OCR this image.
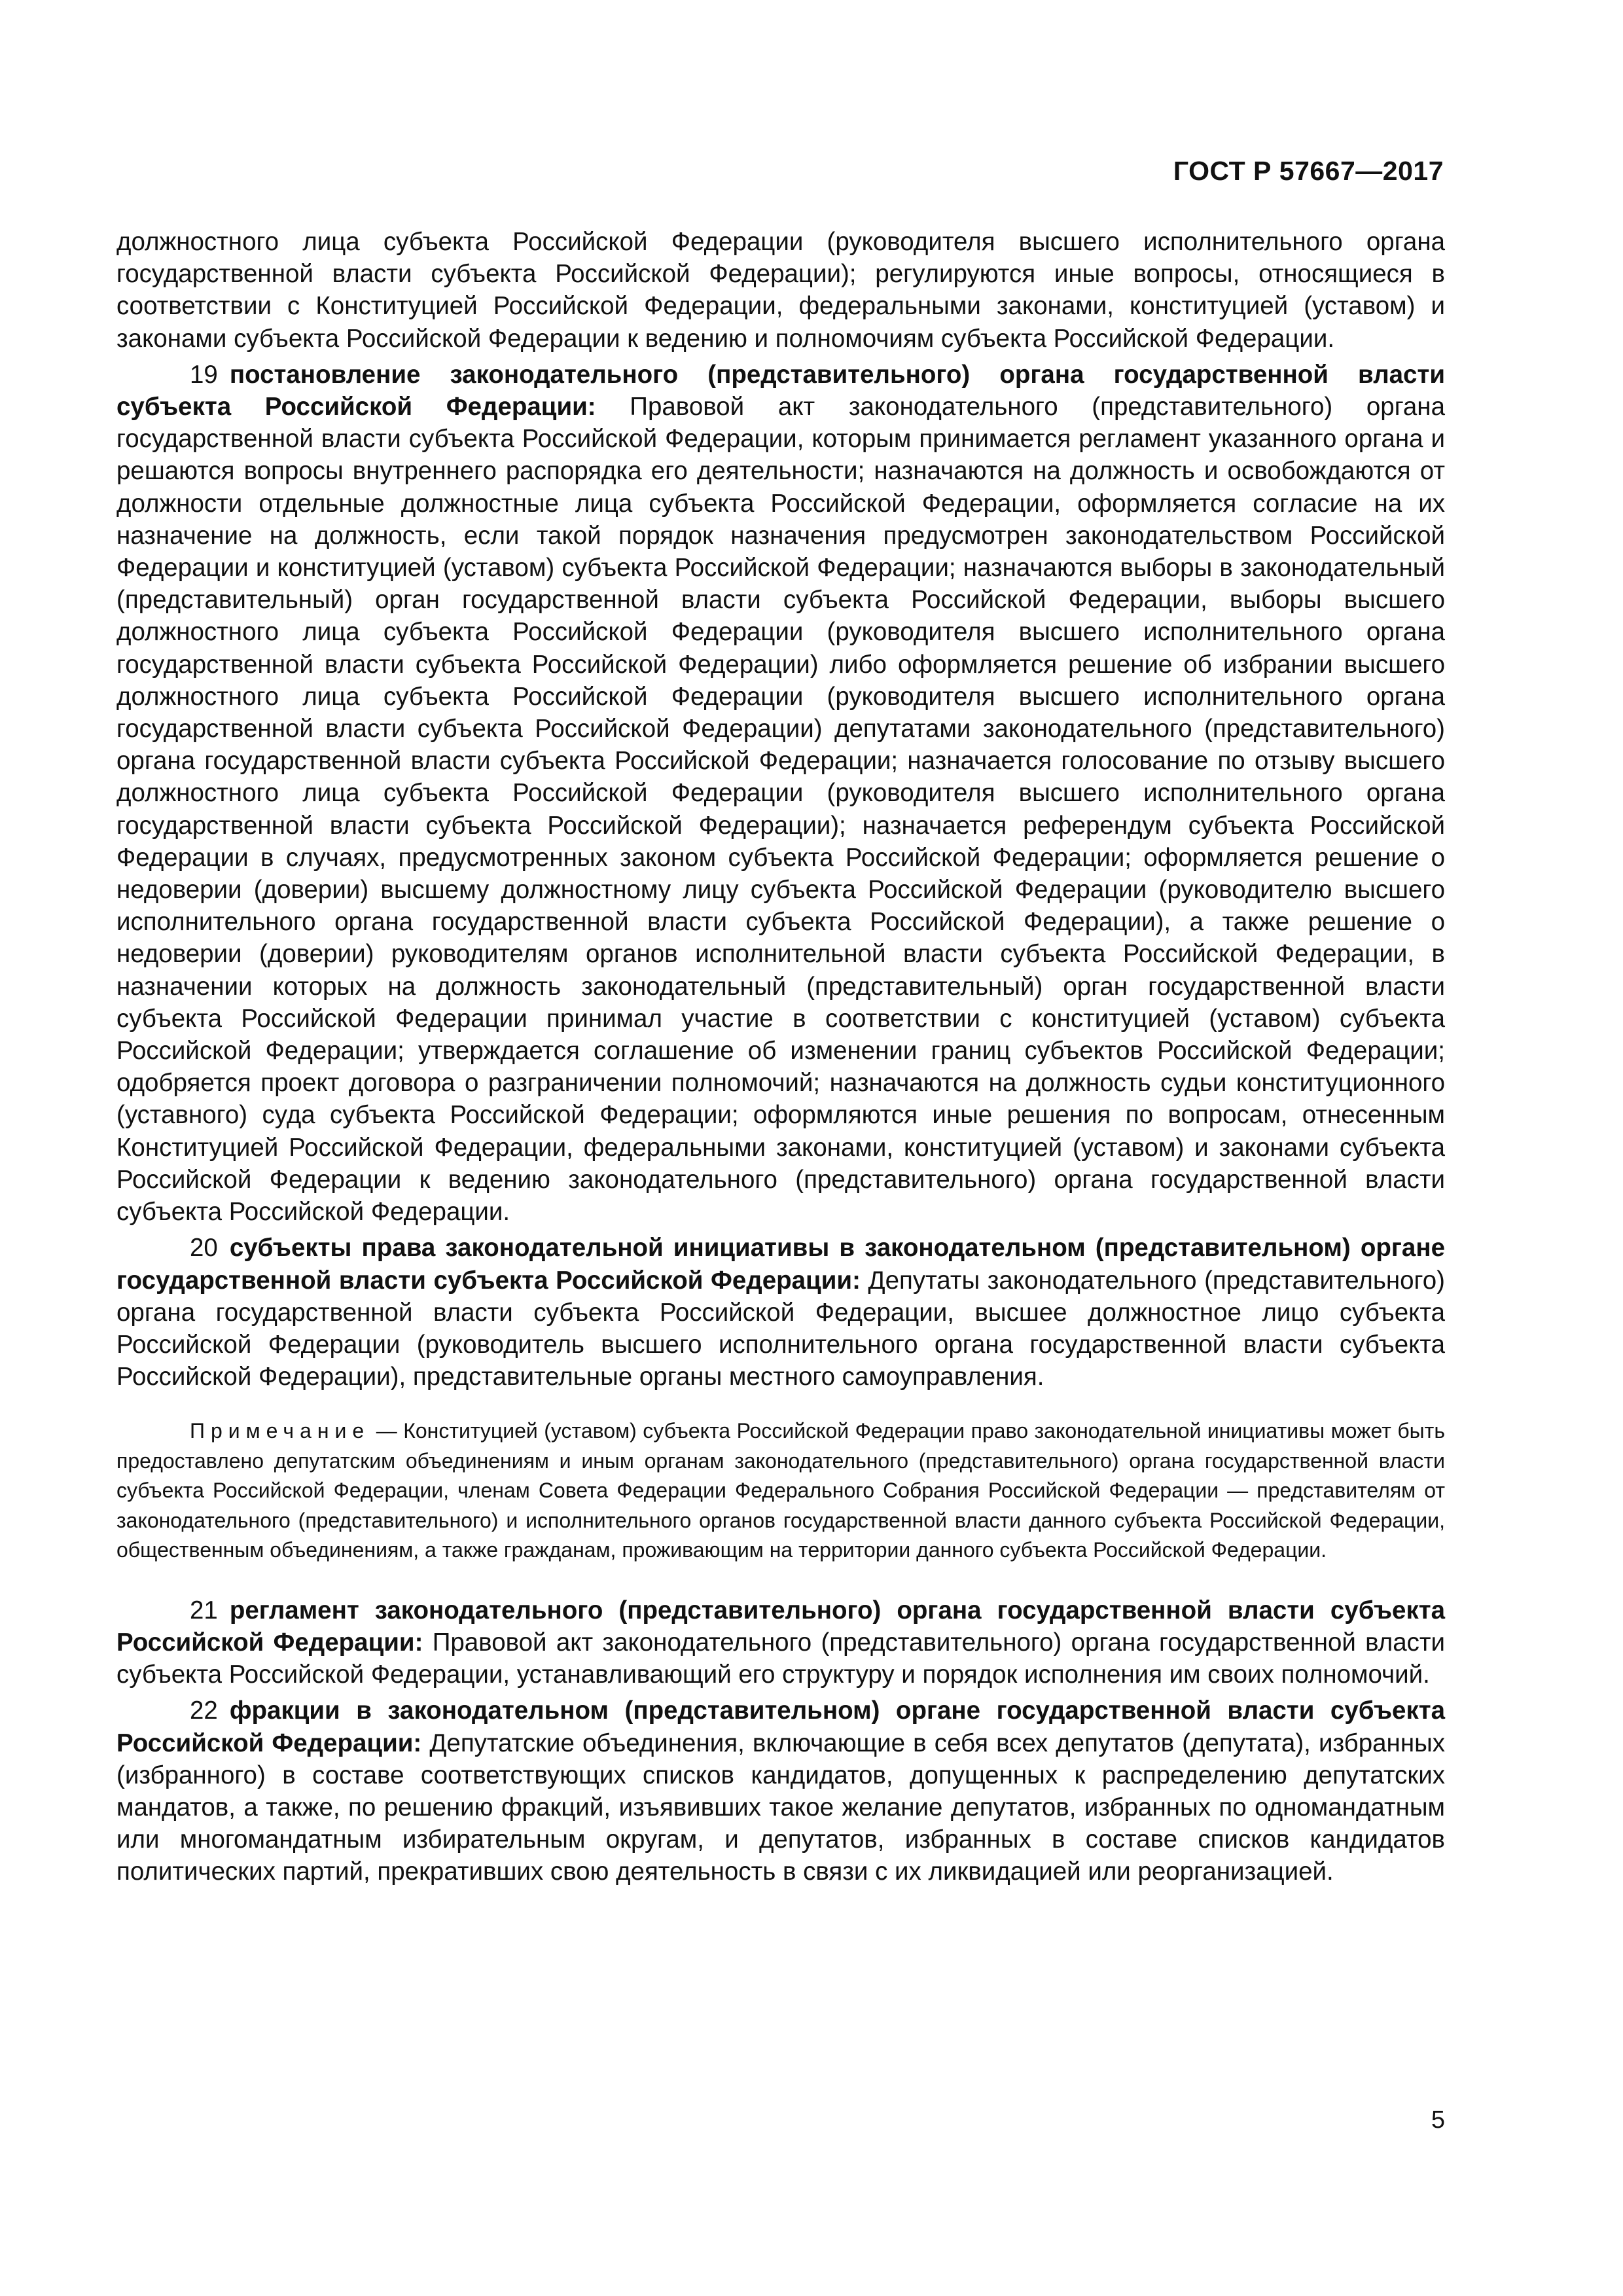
ГОСТ Р 57667—2017

должностного лица субъекта Российской Федерации (руководителя высшего исполнительного органа государственной власти субъекта Российской Федерации); регулируются иные вопросы, относящиеся в соответствии с Конституцией Российской Федерации, федеральными законами, конституцией (уставом) и законами субъекта Российской Федерации к ведению и полномочиям субъекта Российской Федерации.

19 постановление законодательного (представительного) органа государственной власти субъекта Российской Федерации: Правовой акт законодательного (представительного) органа государственной власти субъекта Российской Федерации, которым принимается регламент указанного органа и решаются вопросы внутреннего распорядка его деятельности; назначаются на должность и освобождаются от должности отдельные должностные лица субъекта Российской Федерации, оформляется согласие на их назначение на должность, если такой порядок назначения предусмотрен законодательством Российской Федерации и конституцией (уставом) субъекта Российской Федерации; назначаются выборы в законодательный (представительный) орган государственной власти субъекта Российской Федерации, выборы высшего должностного лица субъекта Российской Федерации (руководителя высшего исполнительного органа государственной власти субъекта Российской Федерации) либо оформляется решение об избрании высшего должностного лица субъекта Российской Федерации (руководителя высшего исполнительного органа государственной власти субъекта Российской Федерации) депутатами законодательного (представительного) органа государственной власти субъекта Российской Федерации; назначается голосование по отзыву высшего должностного лица субъекта Российской Федерации (руководителя высшего исполнительного органа государственной власти субъекта Российской Федерации); назначается референдум субъекта Российской Федерации в случаях, предусмотренных законом субъекта Российской Федерации; оформляется решение о недоверии (доверии) высшему должностному лицу субъекта Российской Федерации (руководителю высшего исполнительного органа государственной власти субъекта Российской Федерации), а также решение о недоверии (доверии) руководителям органов исполнительной власти субъекта Российской Федерации, в назначении которых на должность законодательный (представительный) орган государственной власти субъекта Российской Федерации принимал участие в соответствии с конституцией (уставом) субъекта Российской Федерации; утверждается соглашение об изменении границ субъектов Российской Федерации; одобряется проект договора о разграничении полномочий; назначаются на должность судьи конституционного (уставного) суда субъекта Российской Федерации; оформляются иные решения по вопросам, отнесенным Конституцией Российской Федерации, федеральными законами, конституцией (уставом) и законами субъекта Российской Федерации к ведению законодательного (представительного) органа государственной власти субъекта Российской Федерации.

20 субъекты права законодательной инициативы в законодательном (представительном) органе государственной власти субъекта Российской Федерации: Депутаты законодательного (представительного) органа государственной власти субъекта Российской Федерации, высшее должностное лицо субъекта Российской Федерации (руководитель высшего исполнительного органа государственной власти субъекта Российской Федерации), представительные органы местного самоуправления.

Примечание — Конституцией (уставом) субъекта Российской Федерации право законодательной инициативы может быть предоставлено депутатским объединениям и иным органам законодательного (представительного) органа государственной власти субъекта Российской Федерации, членам Совета Федерации Федерального Собрания Российской Федерации — представителям от законодательного (представительного) и исполнительного органов государственной власти данного субъекта Российской Федерации, общественным объединениям, а также гражданам, проживающим на территории данного субъекта Российской Федерации.

21 регламент законодательного (представительного) органа государственной власти субъекта Российской Федерации: Правовой акт законодательного (представительного) органа государственной власти субъекта Российской Федерации, устанавливающий его структуру и порядок исполнения им своих полномочий.

22 фракции в законодательном (представительном) органе государственной власти субъекта Российской Федерации: Депутатские объединения, включающие в себя всех депутатов (депутата), избранных (избранного) в составе соответствующих списков кандидатов, допущенных к распределению депутатских мандатов, а также, по решению фракций, изъявивших такое желание депутатов, избранных по одномандатным или многомандатным избирательным округам, и депутатов, избранных в составе списков кандидатов политических партий, прекративших свою деятельность в связи с их ликвидацией или реорганизацией.

5
